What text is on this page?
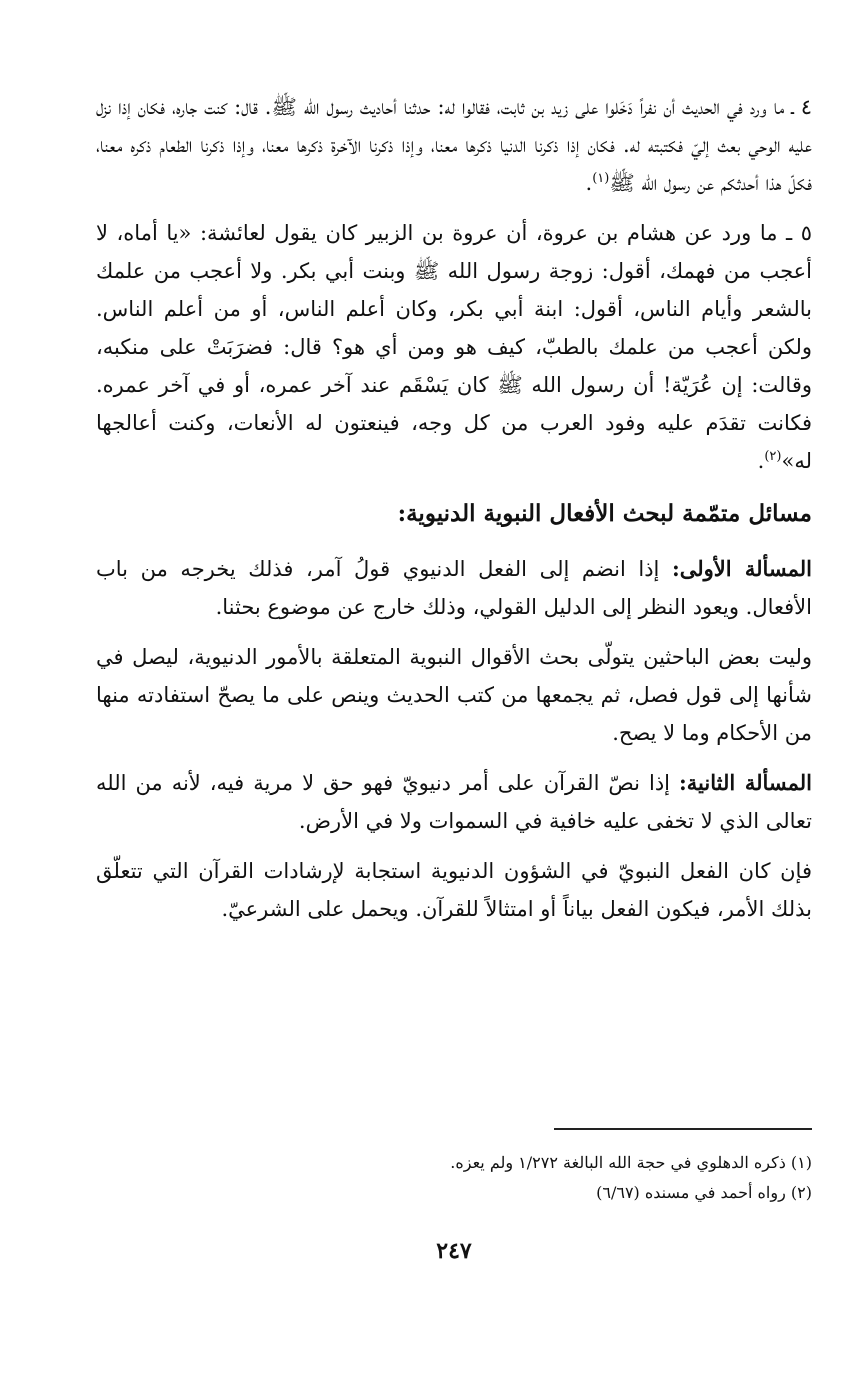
٤ ـ ما ورد في الحديث أن نفراً دَخَلوا على زيد بن ثابت، فقالوا له: حدثنا أحاديث رسول الله ﷺ. قال: كنت جاره، فكان إذا نزل عليه الوحي بعث إليّ فكتبته له. فكان إذا ذكرنا الدنيا ذكرها معنا، وإذا ذكرنا الآخرة ذكرها معنا، وإذا ذكرنا الطعام ذكره معنا، فكلّ هذا أحدثكم عن رسول الله ﷺ$^{(١)}$.

٥ ـ ما ورد عن هشام بن عروة، أن عروة بن الزبير كان يقول لعائشة: «يا أماه، لا أعجب من فهمك، أقول: زوجة رسول الله ﷺ وبنت أبي بكر. ولا أعجب من علمك بالشعر وأيام الناس، أقول: ابنة أبي بكر، وكان أعلم الناس، أو من أعلم الناس. ولكن أعجب من علمك بالطبّ، كيف هو ومن أي هو؟ قال: فضرَبَتْ على منكبه، وقالت: إن عُرَيّة! أن رسول الله ﷺ كان يَسْقَم عند آخر عمره، أو في آخر عمره. فكانت تقدَم عليه وفود العرب من كل وجه، فينعتون له الأنعات، وكنت أعالجها له»$^{(٢)}$.

مسائل متمّمة لبحث الأفعال النبوية الدنيوية:

المسألة الأولى: إذا انضم إلى الفعل الدنيوي قولُ آمر، فذلك يخرجه من باب الأفعال. ويعود النظر إلى الدليل القولي، وذلك خارج عن موضوع بحثنا.

وليت بعض الباحثين يتولّى بحث الأقوال النبوية المتعلقة بالأمور الدنيوية، ليصل في شأنها إلى قول فصل، ثم يجمعها من كتب الحديث وينص على ما يصحّ استفادته منها من الأحكام وما لا يصح.

المسألة الثانية: إذا نصّ القرآن على أمر دنيويّ فهو حق لا مرية فيه، لأنه من الله تعالى الذي لا تخفى عليه خافية في السموات ولا في الأرض.

فإن كان الفعل النبويّ في الشؤون الدنيوية استجابة لإرشادات القرآن التي تتعلّق بذلك الأمر، فيكون الفعل بياناً أو امتثالاً للقرآن. ويحمل على الشرعيّ.

(١) ذكره الدهلوي في حجة الله البالغة ١/٢٧٢ ولم يعزه.

(٢) رواه أحمد في مسنده (٦/٦٧)

٢٤٧
